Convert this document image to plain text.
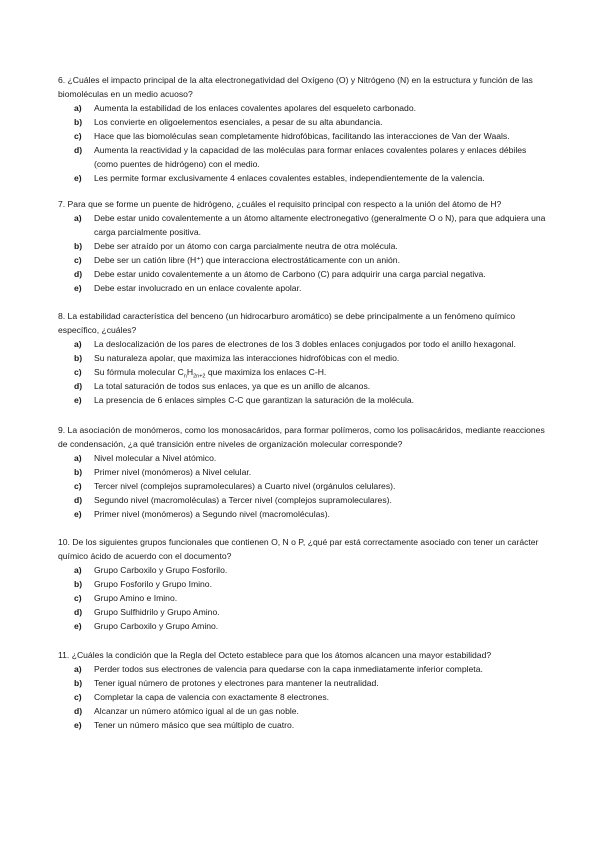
6. ¿Cuáles el impacto principal de la alta electronegatividad del Oxígeno (O) y Nitrógeno (N) en la estructura y función de las biomoléculas en un medio acuoso?

a)	Aumenta la estabilidad de los enlaces covalentes apolares del esqueleto carbonado.
b)	Los convierte en oligoelementos esenciales, a pesar de su alta abundancia.
c)	Hace que las biomoléculas sean completamente hidrofóbicas, facilitando las interacciones de Van der Waals.
d)	Aumenta la reactividad y la capacidad de las moléculas para formar enlaces covalentes polares y enlaces débiles (como puentes de hidrógeno) con el medio.
e)	Les permite formar exclusivamente 4 enlaces covalentes estables, independientemente de la valencia.

7. Para que se forme un puente de hidrógeno, ¿cuáles el requisito principal con respecto a la unión del átomo de H?

a)	Debe estar unido covalentemente a un átomo altamente electronegativo (generalmente O o N), para que adquiera una carga parcialmente positiva.
b)	Debe ser atraído por un átomo con carga parcialmente neutra de otra molécula.
c)	Debe ser un catión libre (H⁺) que interacciona electrostáticamente con un anión.
d)	Debe estar unido covalentemente a un átomo de Carbono (C) para adquirir una carga parcial negativa.
e)	Debe estar involucrado en un enlace covalente apolar.

8. La estabilidad característica del benceno (un hidrocarburo aromático) se debe principalmente a un fenómeno químico específico, ¿cuáles?

a)	La deslocalización de los pares de electrones de los 3 dobles enlaces conjugados por todo el anillo hexagonal.
b)	Su naturaleza apolar, que maximiza las interacciones hidrofóbicas con el medio.
c)	Su fórmula molecular $C_nH_{2n+2}$ que maximiza los enlaces C-H.
d)	La total saturación de todos sus enlaces, ya que es un anillo de alcanos.
e)	La presencia de 6 enlaces simples C-C que garantizan la saturación de la molécula.

9. La asociación de monómeros, como los monosacáridos, para formar polímeros, como los polisacáridos, mediante reacciones de condensación, ¿a qué transición entre niveles de organización molecular corresponde?

a)	Nivel molecular a Nivel atómico.
b)	Primer nivel (monómeros) a Nivel celular.
c)	Tercer nivel (complejos supramoleculares) a Cuarto nivel (orgánulos celulares).
d)	Segundo nivel (macromoléculas) a Tercer nivel (complejos supramoleculares).
e)	Primer nivel (monómeros) a Segundo nivel (macromoléculas).

10. De los siguientes grupos funcionales que contienen O, N o P, ¿qué par está correctamente asociado con tener un carácter químico ácido de acuerdo con el documento?

a)	Grupo Carboxilo y Grupo Fosforilo.
b)	Grupo Fosforilo y Grupo Imino.
c)	Grupo Amino e Imino.
d)	Grupo Sulfhidrilo y Grupo Amino.
e)	Grupo Carboxilo y Grupo Amino.

11. ¿Cuáles la condición que la Regla del Octeto establece para que los átomos alcancen una mayor estabilidad?

a)	Perder todos sus electrones de valencia para quedarse con la capa inmediatamente inferior completa.
b)	Tener igual número de protones y electrones para mantener la neutralidad.
c)	Completar la capa de valencia con exactamente 8 electrones.
d)	Alcanzar un número atómico igual al de un gas noble.
e)	Tener un número másico que sea múltiplo de cuatro.
